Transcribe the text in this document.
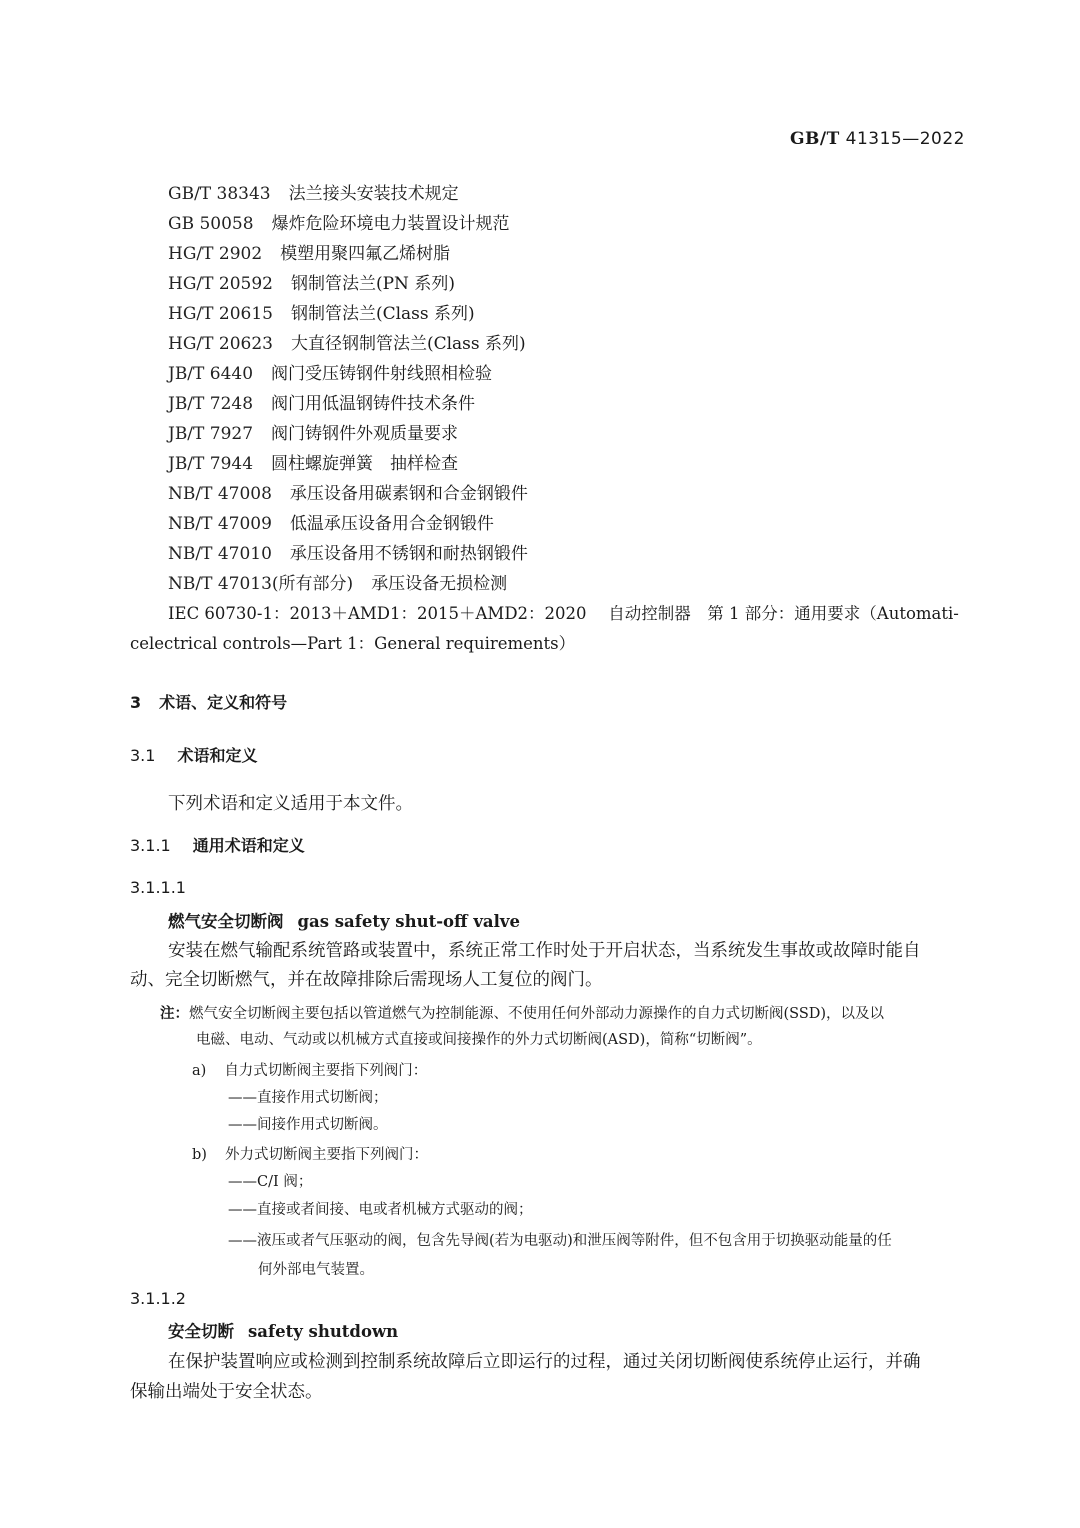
GB/T 41315—2022
GB/T 38343 法兰接头安装技术规定
GB 50058 爆炸危险环境电力装置设计规范
HG/T 2902 模塑用聚四氟乙烯树脂
HG/T 20592 钢制管法兰(PN 系列)
HG/T 20615 钢制管法兰(Class 系列)
HG/T 20623 大直径钢制管法兰(Class 系列)
JB/T 6440 阀门受压铸钢件射线照相检验
JB/T 7248 阀门用低温钢铸件技术条件
JB/T 7927 阀门铸钢件外观质量要求
JB/T 7944 圆柱螺旋弹簧　抽样检查
NB/T 47008 承压设备用碳素钢和合金钢锻件
NB/T 47009 低温承压设备用合金钢锻件
NB/T 47010 承压设备用不锈钢和耐热钢锻件
NB/T 47013(所有部分) 承压设备无损检测
IEC 60730-1：2013＋AMD1：2015＋AMD2：2020　 自动控制器　第 1 部分：通用要求（Automati-
celectrical controls—Part 1：General requirements）
3 术语、定义和符号
3.1 术语和定义
下列术语和定义适用于本文件。
3.1.1 通用术语和定义
3.1.1.1
燃气安全切断阀 gas safety shut-off valve
安装在燃气输配系统管路或装置中，系统正常工作时处于开启状态，当系统发生事故或故障时能自
动、完全切断燃气，并在故障排除后需现场人工复位的阀门。
注：燃气安全切断阀主要包括以管道燃气为控制能源、不使用任何外部动力源操作的自力式切断阀(SSD)，以及以
电磁、电动、气动或以机械方式直接或间接操作的外力式切断阀(ASD)，简称“切断阀”。
a) 自力式切断阀主要指下列阀门：
——直接作用式切断阀；
——间接作用式切断阀。
b) 外力式切断阀主要指下列阀门：
——C/I 阀；
——直接或者间接、电或者机械方式驱动的阀；
——液压或者气压驱动的阀，包含先导阀(若为电驱动)和泄压阀等附件，但不包含用于切换驱动能量的任
何外部电气装置。
3.1.1.2
安全切断 safety shutdown
在保护装置响应或检测到控制系统故障后立即运行的过程，通过关闭切断阀使系统停止运行，并确
保输出端处于安全状态。
